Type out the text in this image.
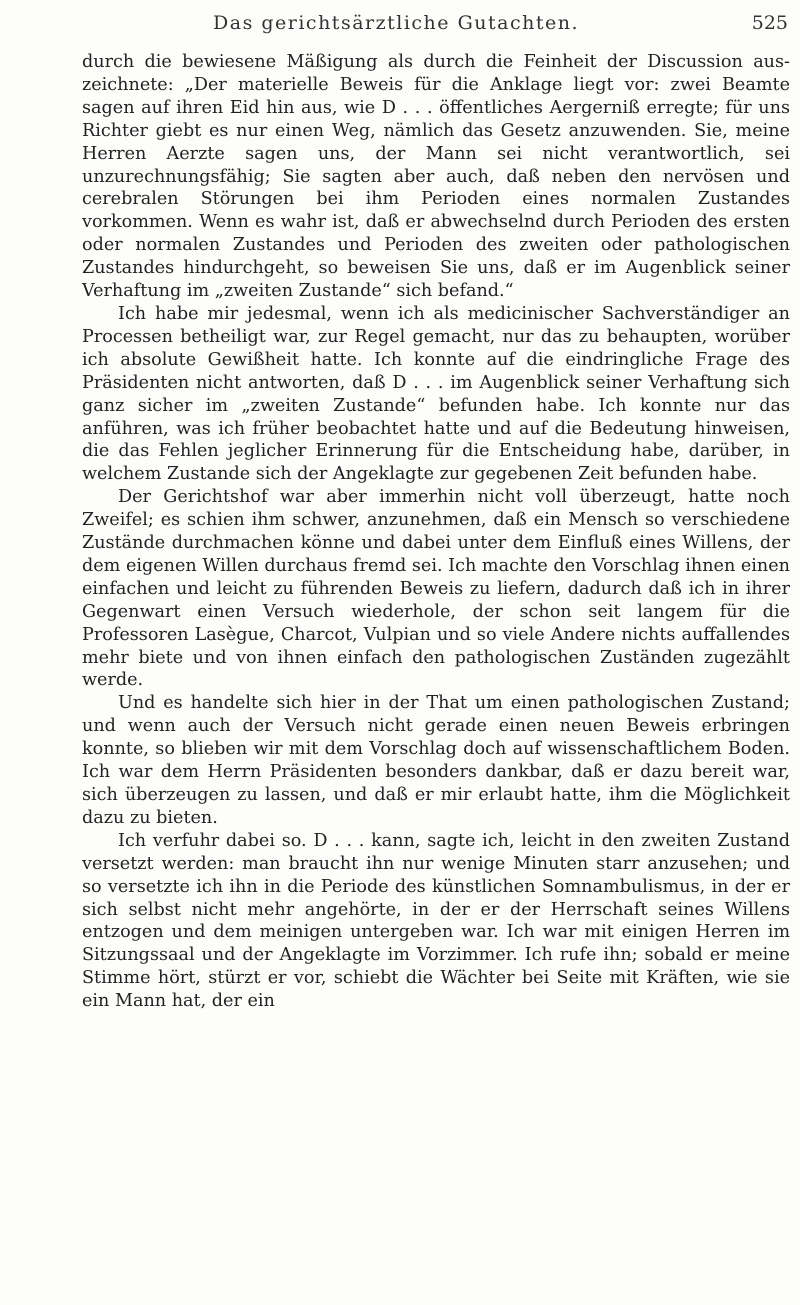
Das gerichtsärztliche Gutachten.	525

durch die bewiesene Mäßigung als durch die Feinheit der Discussion auszeichnete: „Der materielle Beweis für die Anklage liegt vor: zwei Beamte sagen auf ihren Eid hin aus, wie D . . . öffentliches Aergerniß erregte; für uns Richter giebt es nur einen Weg, nämlich das Gesetz anzuwenden. Sie, meine Herren Aerzte sagen uns, der Mann sei nicht verantwortlich, sei unzurechnungsfähig; Sie sagten aber auch, daß neben den nervösen und cerebralen Störungen bei ihm Perioden eines normalen Zustandes vorkommen. Wenn es wahr ist, daß er abwechselnd durch Perioden des ersten oder normalen Zustandes und Perioden des zweiten oder pathologischen Zustandes hindurchgeht, so beweisen Sie uns, daß er im Augenblick seiner Verhaftung im „zweiten Zustande“ sich befand.“

Ich habe mir jedesmal, wenn ich als medicinischer Sachverständiger an Processen betheiligt war, zur Regel gemacht, nur das zu behaupten, worüber ich absolute Gewißheit hatte. Ich konnte auf die eindringliche Frage des Präsidenten nicht antworten, daß D . . . im Augenblick seiner Verhaftung sich ganz sicher im „zweiten Zustande“ befunden habe. Ich konnte nur das anführen, was ich früher beobachtet hatte und auf die Bedeutung hinweisen, die das Fehlen jeglicher Erinnerung für die Entscheidung habe, darüber, in welchem Zustande sich der Angeklagte zur gegebenen Zeit befunden habe.

Der Gerichtshof war aber immerhin nicht voll überzeugt, hatte noch Zweifel; es schien ihm schwer, anzunehmen, daß ein Mensch so verschiedene Zustände durchmachen könne und dabei unter dem Einfluß eines Willens, der dem eigenen Willen durchaus fremd sei. Ich machte den Vorschlag ihnen einen einfachen und leicht zu führenden Beweis zu liefern, dadurch daß ich in ihrer Gegenwart einen Versuch wiederhole, der schon seit langem für die Professoren Lasègue, Charcot, Vulpian und so viele Andere nichts auffallendes mehr biete und von ihnen einfach den pathologischen Zuständen zugezählt werde.

Und es handelte sich hier in der That um einen pathologischen Zustand; und wenn auch der Versuch nicht gerade einen neuen Beweis erbringen konnte, so blieben wir mit dem Vorschlag doch auf wissenschaftlichem Boden. Ich war dem Herrn Präsidenten besonders dankbar, daß er dazu bereit war, sich überzeugen zu lassen, und daß er mir erlaubt hatte, ihm die Möglichkeit dazu zu bieten.

Ich verfuhr dabei so. D . . . kann, sagte ich, leicht in den zweiten Zustand versetzt werden: man braucht ihn nur wenige Minuten starr anzusehen; und so versetzte ich ihn in die Periode des künstlichen Somnambulismus, in der er sich selbst nicht mehr angehörte, in der er der Herrschaft seines Willens entzogen und dem meinigen untergeben war. Ich war mit einigen Herren im Sitzungssaal und der Angeklagte im Vorzimmer. Ich rufe ihn; sobald er meine Stimme hört, stürzt er vor, schiebt die Wächter bei Seite mit Kräften, wie sie ein Mann hat, der ein
